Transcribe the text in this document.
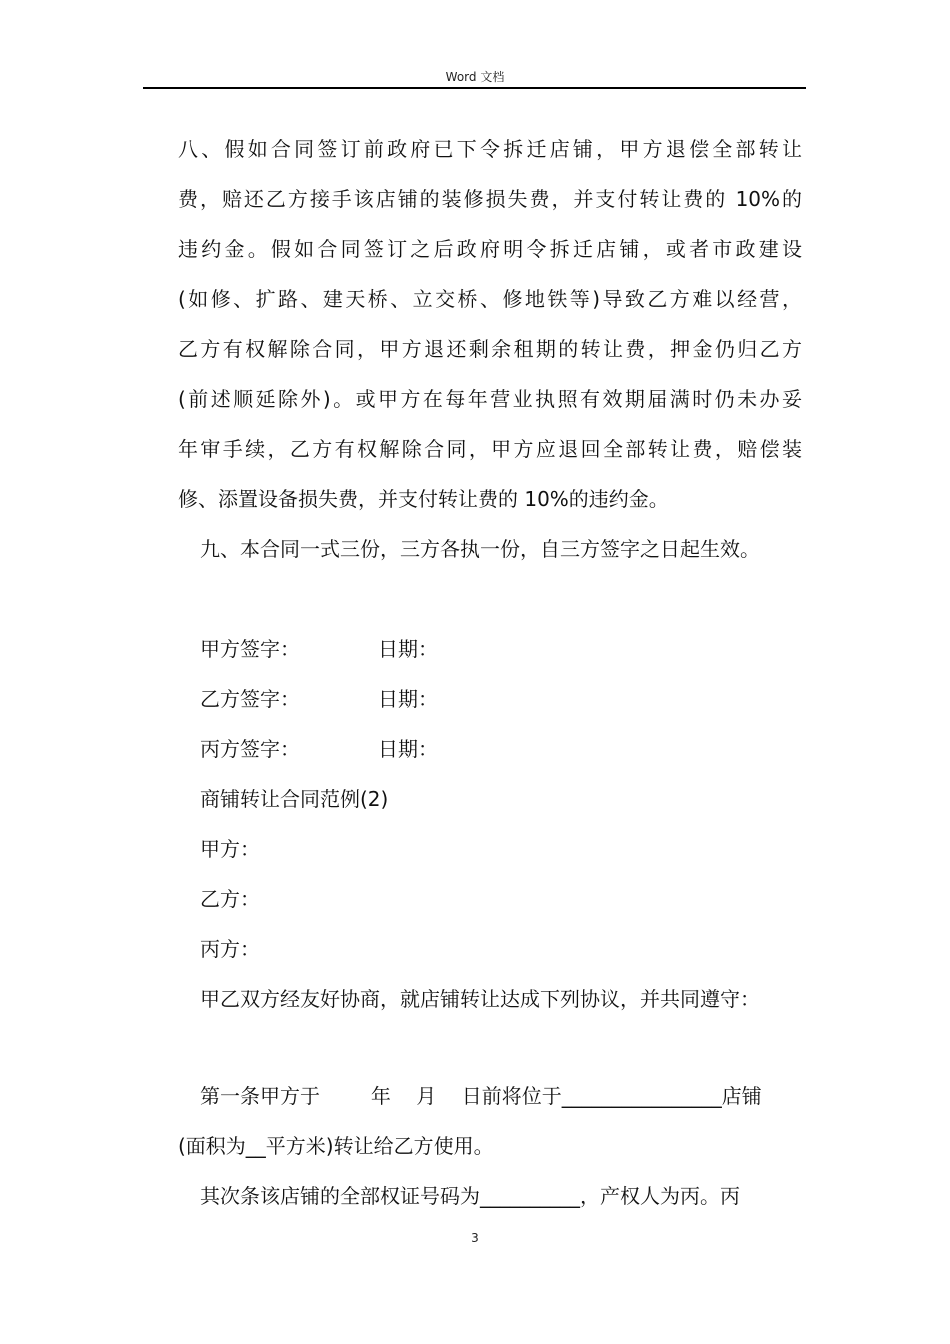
Word 文档
八、假如合同签订前政府已下令拆迁店铺，甲方退偿全部转让
费，赔还乙方接手该店铺的装修损失费，并支付转让费的 10%的
违约金。假如合同签订之后政府明令拆迁店铺，或者市政建设
(如修、扩路、建天桥、立交桥、修地铁等)导致乙方难以经营，
乙方有权解除合同，甲方退还剩余租期的转让费，押金仍归乙方
(前述顺延除外)。或甲方在每年营业执照有效期届满时仍未办妥
年审手续，乙方有权解除合同，甲方应退回全部转让费，赔偿装
修、添置设备损失费，并支付转让费的 10%的违约金。
九、本合同一式三份，三方各执一份，自三方签字之日起生效。
甲方签字：	日期：
乙方签字：	日期：
丙方签字：	日期：
商铺转让合同范例(2)
甲方：
乙方：
丙方：
甲乙双方经友好协商，就店铺转让达成下列协议，并共同遵守：
第一条甲方于        年    月    日前将位于________________店铺
(面积为__平方米)转让给乙方使用。
其次条该店铺的全部权证号码为__________，产权人为丙。丙
3
